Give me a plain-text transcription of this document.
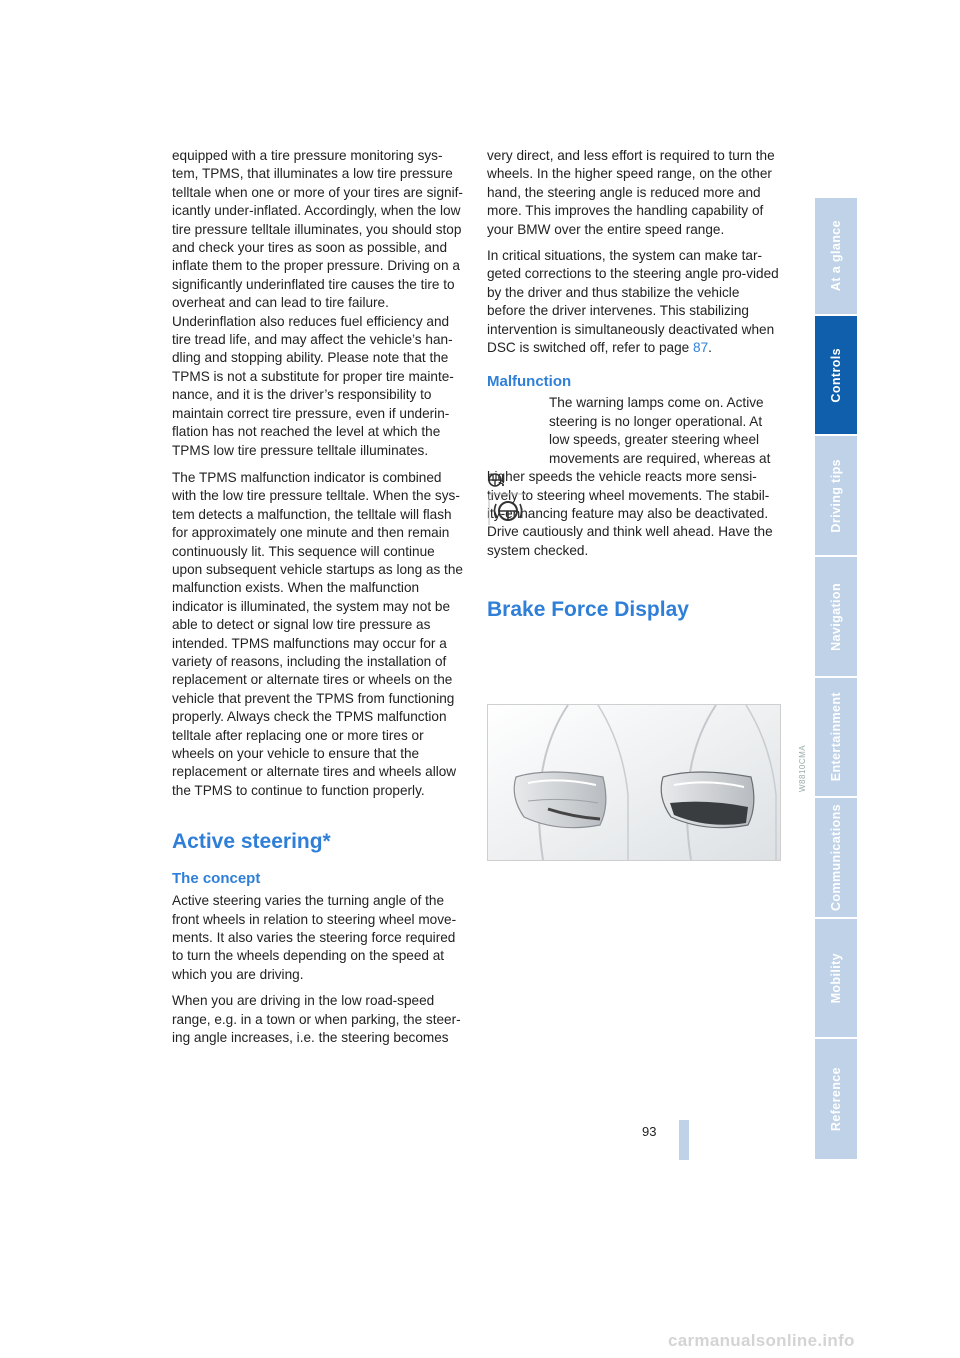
equipped with a tire pressure monitoring sys-tem, TPMS, that illuminates a low tire pressure telltale when one or more of your tires are signif-icantly under-inflated. Accordingly, when the low tire pressure telltale illuminates, you should stop and check your tires as soon as possible, and inflate them to the proper pressure. Driving on a significantly underinflated tire causes the tire to overheat and can lead to tire failure. Underinflation also reduces fuel efficiency and tire tread life, and may affect the vehicle’s han-dling and stopping ability. Please note that the TPMS is not a substitute for proper tire mainte-nance, and it is the driver’s responsibility to maintain correct tire pressure, even if underin-flation has not reached the level at which the TPMS low tire pressure telltale illuminates.

The TPMS malfunction indicator is combined with the low tire pressure telltale. When the sys-tem detects a malfunction, the telltale will flash for approximately one minute and then remain continuously lit. This sequence will continue upon subsequent vehicle startups as long as the malfunction exists. When the malfunction indicator is illuminated, the system may not be able to detect or signal low tire pressure as intended. TPMS malfunctions may occur for a variety of reasons, including the installation of replacement or alternate tires or wheels on the vehicle that prevent the TPMS from functioning properly. Always check the TPMS malfunction telltale after replacing one or more tires or wheels on your vehicle to ensure that the replacement or alternate tires and wheels allow the TPMS to continue to function properly.

Active steering*
The concept

Active steering varies the turning angle of the front wheels in relation to steering wheel move-ments. It also varies the steering force required to turn the wheels depending on the speed at which you are driving.

When you are driving in the low road-speed range, e.g. in a town or when parking, the steer-ing angle increases, i.e. the steering becomes

very direct, and less effort is required to turn the wheels. In the higher speed range, on the other hand, the steering angle is reduced more and more. This improves the handling capability of your BMW over the entire speed range.

In critical situations, the system can make tar-geted corrections to the steering angle pro-vided by the driver and thus stabilize the vehicle before the driver intervenes. This stabilizing intervention is simultaneously deactivated when DSC is switched off, refer to page 87.

Malfunction

The warning lamps come on. Active steering is no longer operational. At low speeds, greater steering wheel movements are required, whereas at higher speeds the vehicle reacts more sensi-tively to steering wheel movements. The stabil-ity-enhancing feature may also be deactivated. Drive cautiously and think well ahead. Have the system checked.

Brake Force Display

W8810CMA
At a glance
Controls
Driving tips
Navigation
Entertainment
Communications
Mobility
Reference
93
carmanualsonline.info
